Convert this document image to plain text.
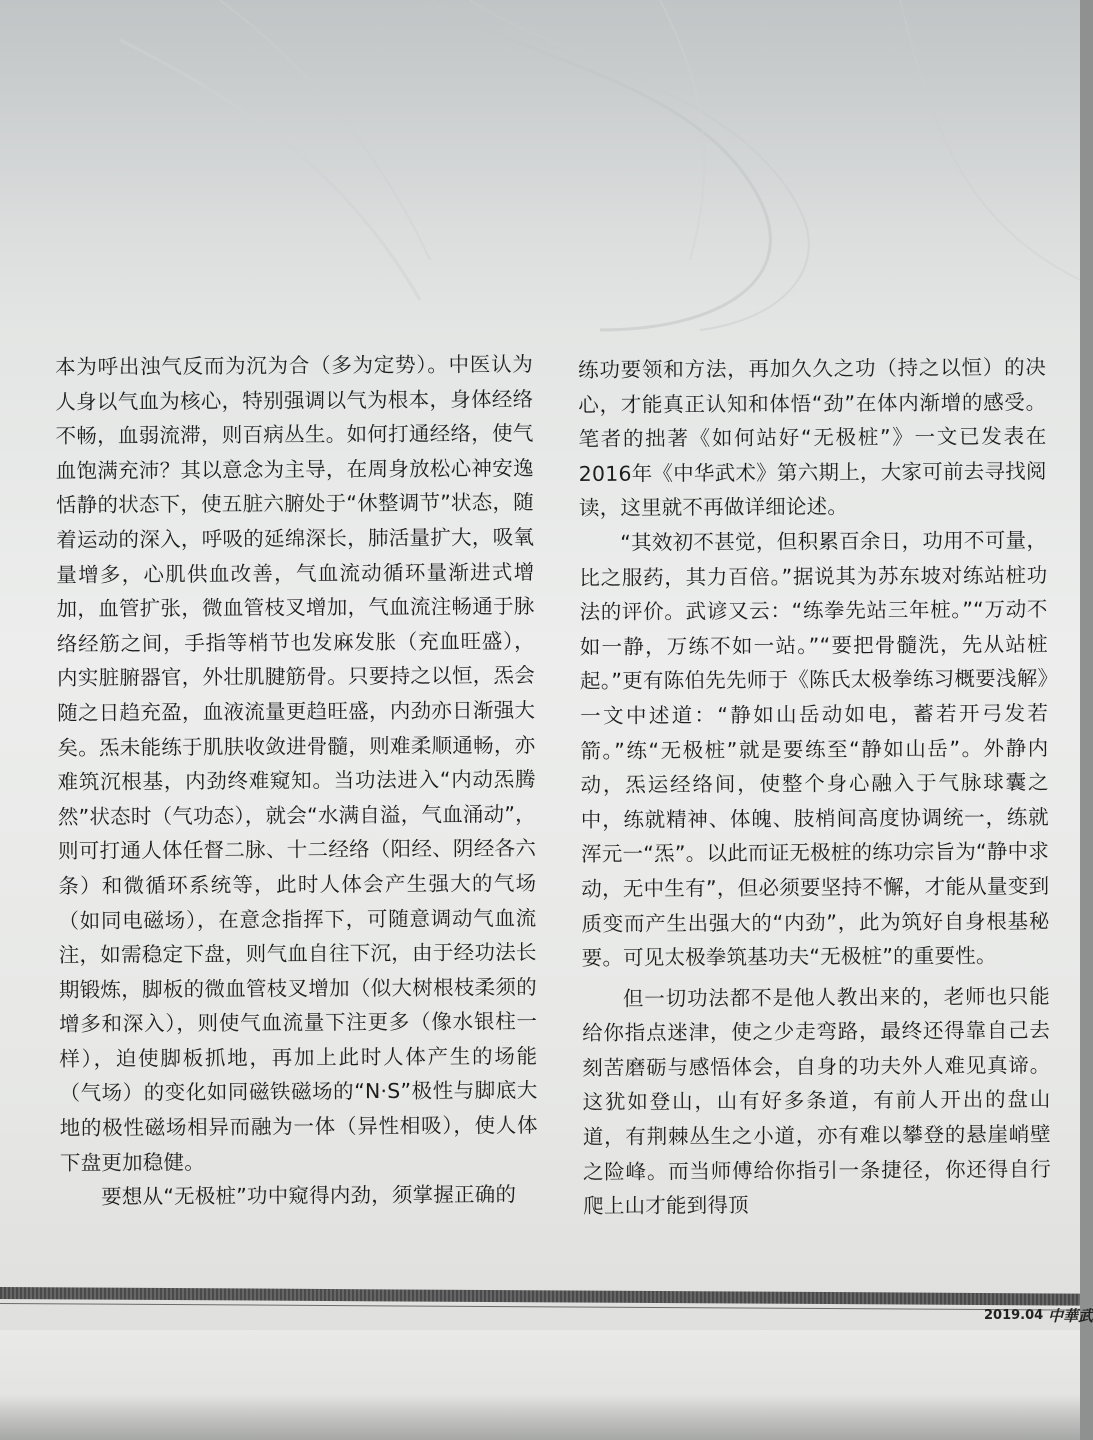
本为呼出浊气反而为沉为合（多为定势）。中医认为人身以气血为核心，特别强调以气为根本，身体经络不畅，血弱流滞，则百病丛生。如何打通经络，使气血饱满充沛？其以意念为主导，在周身放松心神安逸恬静的状态下，使五脏六腑处于“休整调节”状态，随着运动的深入，呼吸的延绵深长，肺活量扩大，吸氧量增多，心肌供血改善，气血流动循环量渐进式增加，血管扩张，微血管枝叉增加，气血流注畅通于脉络经筋之间，手指等梢节也发麻发胀（充血旺盛），内实脏腑器官，外壮肌腱筋骨。只要持之以恒，炁会随之日趋充盈，血液流量更趋旺盛，内劲亦日渐强大矣。炁未能练于肌肤收敛进骨髓，则难柔顺通畅，亦难筑沉根基，内劲终难窥知。当功法进入“内动炁腾然”状态时（气功态），就会“水满自溢，气血涌动”，则可打通人体任督二脉、十二经络（阳经、阴经各六条）和微循环系统等，此时人体会产生强大的气场（如同电磁场），在意念指挥下，可随意调动气血流注，如需稳定下盘，则气血自往下沉，由于经功法长期锻炼，脚板的微血管枝叉增加（似大树根枝柔须的增多和深入），则使气血流量下注更多（像水银柱一样），迫使脚板抓地，再加上此时人体产生的场能（气场）的变化如同磁铁磁场的“N·S”极性与脚底大地的极性磁场相异而融为一体（异性相吸），使人体下盘更加稳健。

要想从“无极桩”功中窥得内劲，须掌握正确的

练功要领和方法，再加久久之功（持之以恒）的决心，才能真正认知和体悟“劲”在体内渐增的感受。笔者的拙著《如何站好“无极桩”》一文已发表在2016年《中华武术》第六期上，大家可前去寻找阅读，这里就不再做详细论述。

“其效初不甚觉，但积累百余日，功用不可量，比之服药，其力百倍。”据说其为苏东坡对练站桩功法的评价。武谚又云：“练拳先站三年桩。”“万动不如一静，万练不如一站。”“要把骨髓洗，先从站桩起。”更有陈伯先先师于《陈氏太极拳练习概要浅解》一文中述道：“静如山岳动如电，蓄若开弓发若箭。”练“无极桩”就是要练至“静如山岳”。外静内动，炁运经络间，使整个身心融入于气脉球囊之中，练就精神、体魄、肢梢间高度协调统一，练就浑元一“炁”。以此而证无极桩的练功宗旨为“静中求动，无中生有”，但必须要坚持不懈，才能从量变到质变而产生出强大的“内劲”，此为筑好自身根基秘要。可见太极拳筑基功夫“无极桩”的重要性。

但一切功法都不是他人教出来的，老师也只能给你指点迷津，使之少走弯路，最终还得靠自己去刻苦磨砺与感悟体会，自身的功夫外人难见真谛。这犹如登山，山有好多条道，有前人开出的盘山道，有荆棘丛生之小道，亦有难以攀登的悬崖峭壁之险峰。而当师傅给你指引一条捷径，你还得自行爬上山才能到得顶

2019.04 中華武
